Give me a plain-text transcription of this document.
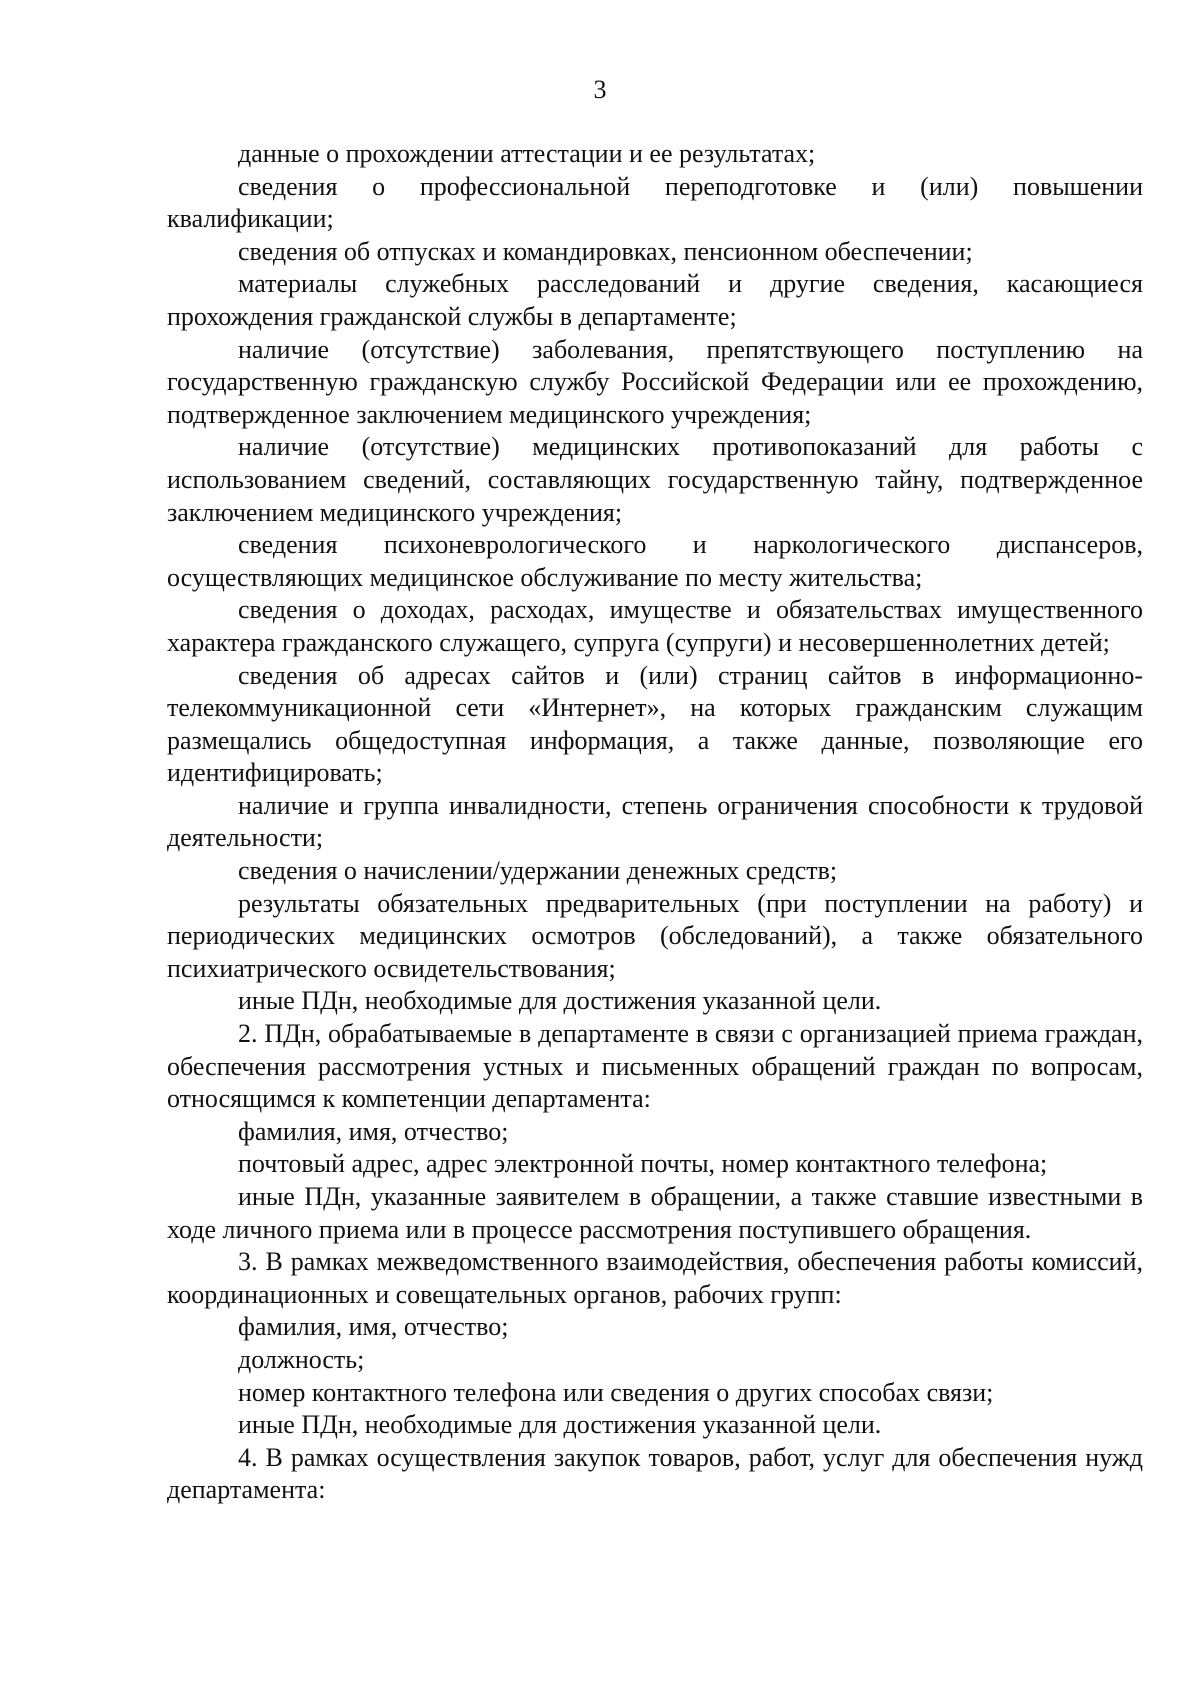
3

данные о прохождении аттестации и ее результатах;

сведения о профессиональной переподготовке и (или) повышении квалификации;

сведения об отпусках и командировках, пенсионном обеспечении;

материалы служебных расследований и другие сведения, касающиеся прохождения гражданской службы в департаменте;

наличие (отсутствие) заболевания, препятствующего поступлению на государственную гражданскую службу Российской Федерации или ее прохождению, подтвержденное заключением медицинского учреждения;

наличие (отсутствие) медицинских противопоказаний для работы с использованием сведений, составляющих государственную тайну, подтвержденное заключением медицинского учреждения;

сведения психоневрологического и наркологического диспансеров, осуществляющих медицинское обслуживание по месту жительства;

сведения о доходах, расходах, имуществе и обязательствах имущественного характера гражданского служащего, супруга (супруги) и несовершеннолетних детей;

сведения об адресах сайтов и (или) страниц сайтов в информационно-телекоммуникационной сети «Интернет», на которых гражданским служащим размещались общедоступная информация, а также данные, позволяющие его идентифицировать;

наличие и группа инвалидности, степень ограничения способности к трудовой деятельности;

сведения о начислении/удержании денежных средств;

результаты обязательных предварительных (при поступлении на работу) и периодических медицинских осмотров (обследований), а также обязательного психиатрического освидетельствования;

иные ПДн, необходимые для достижения указанной цели.

2. ПДн, обрабатываемые в департаменте в связи с организацией приема граждан, обеспечения рассмотрения устных и письменных обращений граждан по вопросам, относящимся к компетенции департамента:

фамилия, имя, отчество;

почтовый адрес, адрес электронной почты, номер контактного телефона;

иные ПДн, указанные заявителем в обращении, а также ставшие известными в ходе личного приема или в процессе рассмотрения поступившего обращения.

3. В рамках межведомственного взаимодействия, обеспечения работы комиссий, координационных и совещательных органов, рабочих групп:

фамилия, имя, отчество;

должность;

номер контактного телефона или сведения о других способах связи;

иные ПДн, необходимые для достижения указанной цели.

4. В рамках осуществления закупок товаров, работ, услуг для обеспечения нужд департамента:
